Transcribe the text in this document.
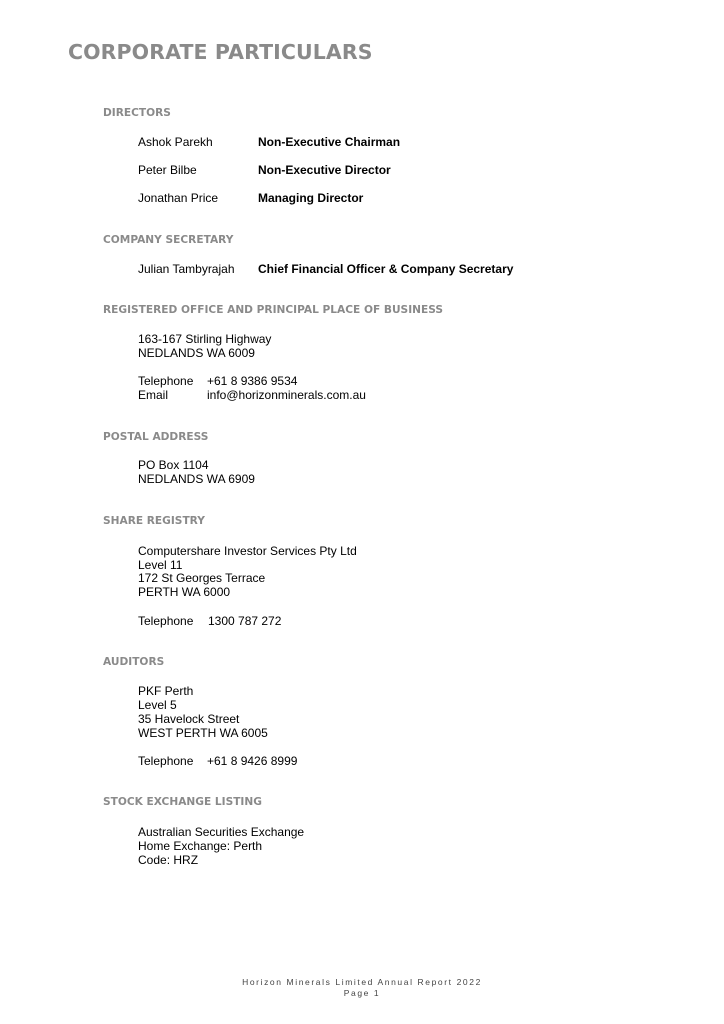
CORPORATE PARTICULARS
DIRECTORS
Ashok Parekh	Non-Executive Chairman
Peter Bilbe	Non-Executive Director
Jonathan Price	Managing Director
COMPANY SECRETARY
Julian Tambyrajah Chief Financial Officer & Company Secretary
REGISTERED OFFICE AND PRINCIPAL PLACE OF BUSINESS
163-167 Stirling Highway
NEDLANDS WA 6009
Telephone +61 8 9386 9534
Email	info@horizonminerals.com.au
POSTAL ADDRESS
PO Box 1104
NEDLANDS WA 6909
SHARE REGISTRY
Computershare Investor Services Pty Ltd
Level 11
172 St Georges Terrace
PERTH WA 6000
Telephone 1300 787 272
AUDITORS
PKF Perth
Level 5
35 Havelock Street
WEST PERTH WA 6005
Telephone +61 8 9426 8999
STOCK EXCHANGE LISTING
Australian Securities Exchange
Home Exchange: Perth
Code: HRZ
Horizon Minerals Limited Annual Report 2022
Page 1
